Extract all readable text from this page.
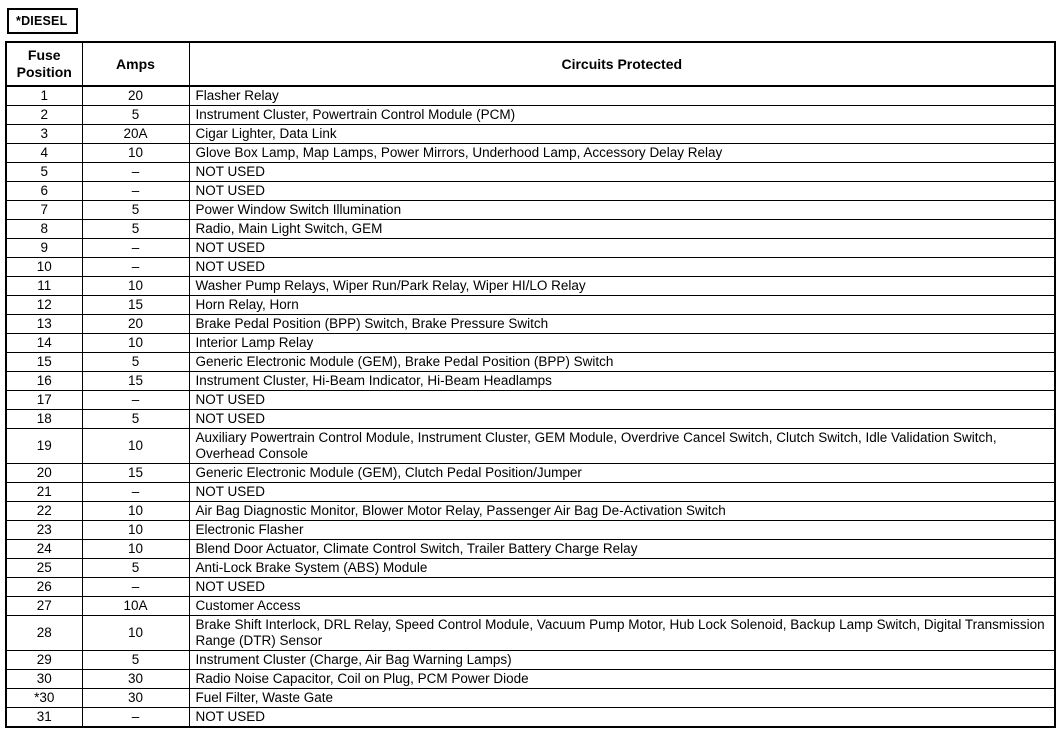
*DIESEL
Fuse Position	Amps	Circuits Protected
1	20	Flasher Relay
2	5	Instrument Cluster, Powertrain Control Module (PCM)
3	20A	Cigar Lighter, Data Link
4	10	Glove Box Lamp, Map Lamps, Power Mirrors, Underhood Lamp, Accessory Delay Relay
5	–	NOT USED
6	–	NOT USED
7	5	Power Window Switch Illumination
8	5	Radio, Main Light Switch, GEM
9	–	NOT USED
10	–	NOT USED
11	10	Washer Pump Relays, Wiper Run/Park Relay, Wiper HI/LO Relay
12	15	Horn Relay, Horn
13	20	Brake Pedal Position (BPP) Switch, Brake Pressure Switch
14	10	Interior Lamp Relay
15	5	Generic Electronic Module (GEM), Brake Pedal Position (BPP) Switch
16	15	Instrument Cluster, Hi-Beam Indicator, Hi-Beam Headlamps
17	–	NOT USED
18	5	NOT USED
19	10	Auxiliary Powertrain Control Module, Instrument Cluster, GEM Module, Overdrive Cancel Switch, Clutch Switch, Idle Validation Switch, Overhead Console
20	15	Generic Electronic Module (GEM), Clutch Pedal Position/Jumper
21	–	NOT USED
22	10	Air Bag Diagnostic Monitor, Blower Motor Relay, Passenger Air Bag De-Activation Switch
23	10	Electronic Flasher
24	10	Blend Door Actuator, Climate Control Switch, Trailer Battery Charge Relay
25	5	Anti-Lock Brake System (ABS) Module
26	–	NOT USED
27	10A	Customer Access
28	10	Brake Shift Interlock, DRL Relay, Speed Control Module, Vacuum Pump Motor, Hub Lock Solenoid, Backup Lamp Switch, Digital Transmission Range (DTR) Sensor
29	5	Instrument Cluster (Charge, Air Bag Warning Lamps)
30	30	Radio Noise Capacitor, Coil on Plug, PCM Power Diode
*30	30	Fuel Filter, Waste Gate
31	–	NOT USED
